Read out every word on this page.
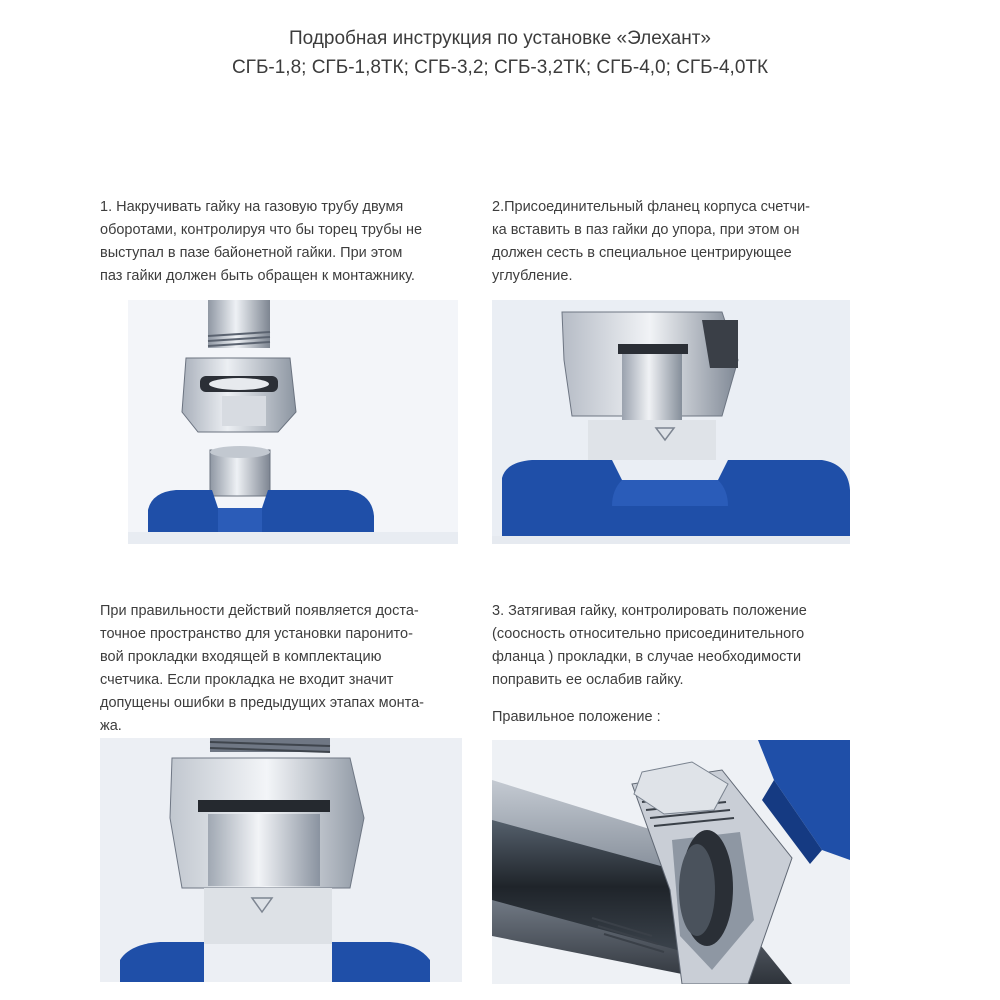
Подробная инструкция по установке «Элехант»
СГБ-1,8; СГБ-1,8ТК; СГБ-3,2; СГБ-3,2ТК; СГБ-4,0; СГБ-4,0ТК
1. Накручивать гайку на газовую трубу двумя
оборотами, контролируя что бы торец трубы не
выступал в пазе байонетной гайки. При этом
паз гайки должен быть обращен к монтажнику.
2.Присоединительный фланец корпуса счетчи-
ка вставить в паз гайки до упора, при этом он
должен сесть в специальное центрирующее
углубление.
При правильности действий появляется доста-
точное пространство для установки паронито-
вой прокладки входящей в комплектацию
счетчика. Если прокладка не входит значит
допущены ошибки в предыдущих этапах монта-
жа.
3. Затягивая гайку, контролировать положение
(соосность относительно присоединительного
фланца ) прокладки, в случае необходимости
поправить ее ослабив гайку.
Правильное положение :
